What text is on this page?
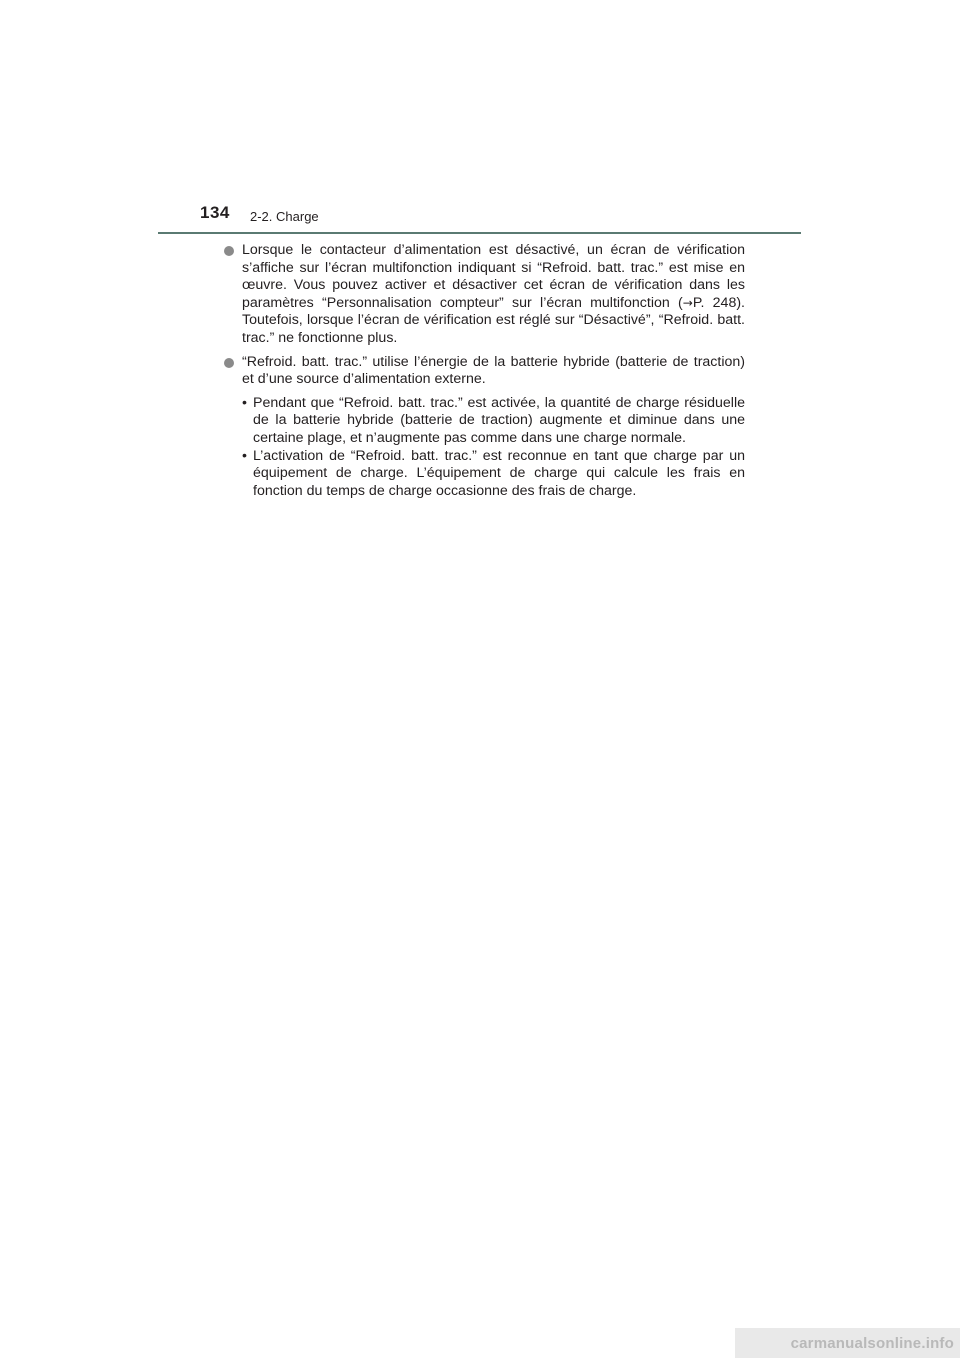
134 2-2. Charge
Lorsque le contacteur d’alimentation est désactivé, un écran de vérification s’affiche sur l’écran multifonction indiquant si “Refroid. batt. trac.” est mise en œuvre. Vous pouvez activer et désactiver cet écran de vérification dans les paramètres “Personnalisation compteur” sur l’écran multifonction (→P. 248). Toutefois, lorsque l’écran de vérification est réglé sur “Désactivé”, “Refroid. batt. trac.” ne fonctionne plus.
“Refroid. batt. trac.” utilise l’énergie de la batterie hybride (batterie de traction) et d’une source d’alimentation externe.
• Pendant que “Refroid. batt. trac.” est activée, la quantité de charge résiduelle de la batterie hybride (batterie de traction) augmente et diminue dans une certaine plage, et n’augmente pas comme dans une charge normale.
• L’activation de “Refroid. batt. trac.” est reconnue en tant que charge par un équipement de charge. L’équipement de charge qui calcule les frais en fonction du temps de charge occasionne des frais de charge.
carmanualsonline.info
